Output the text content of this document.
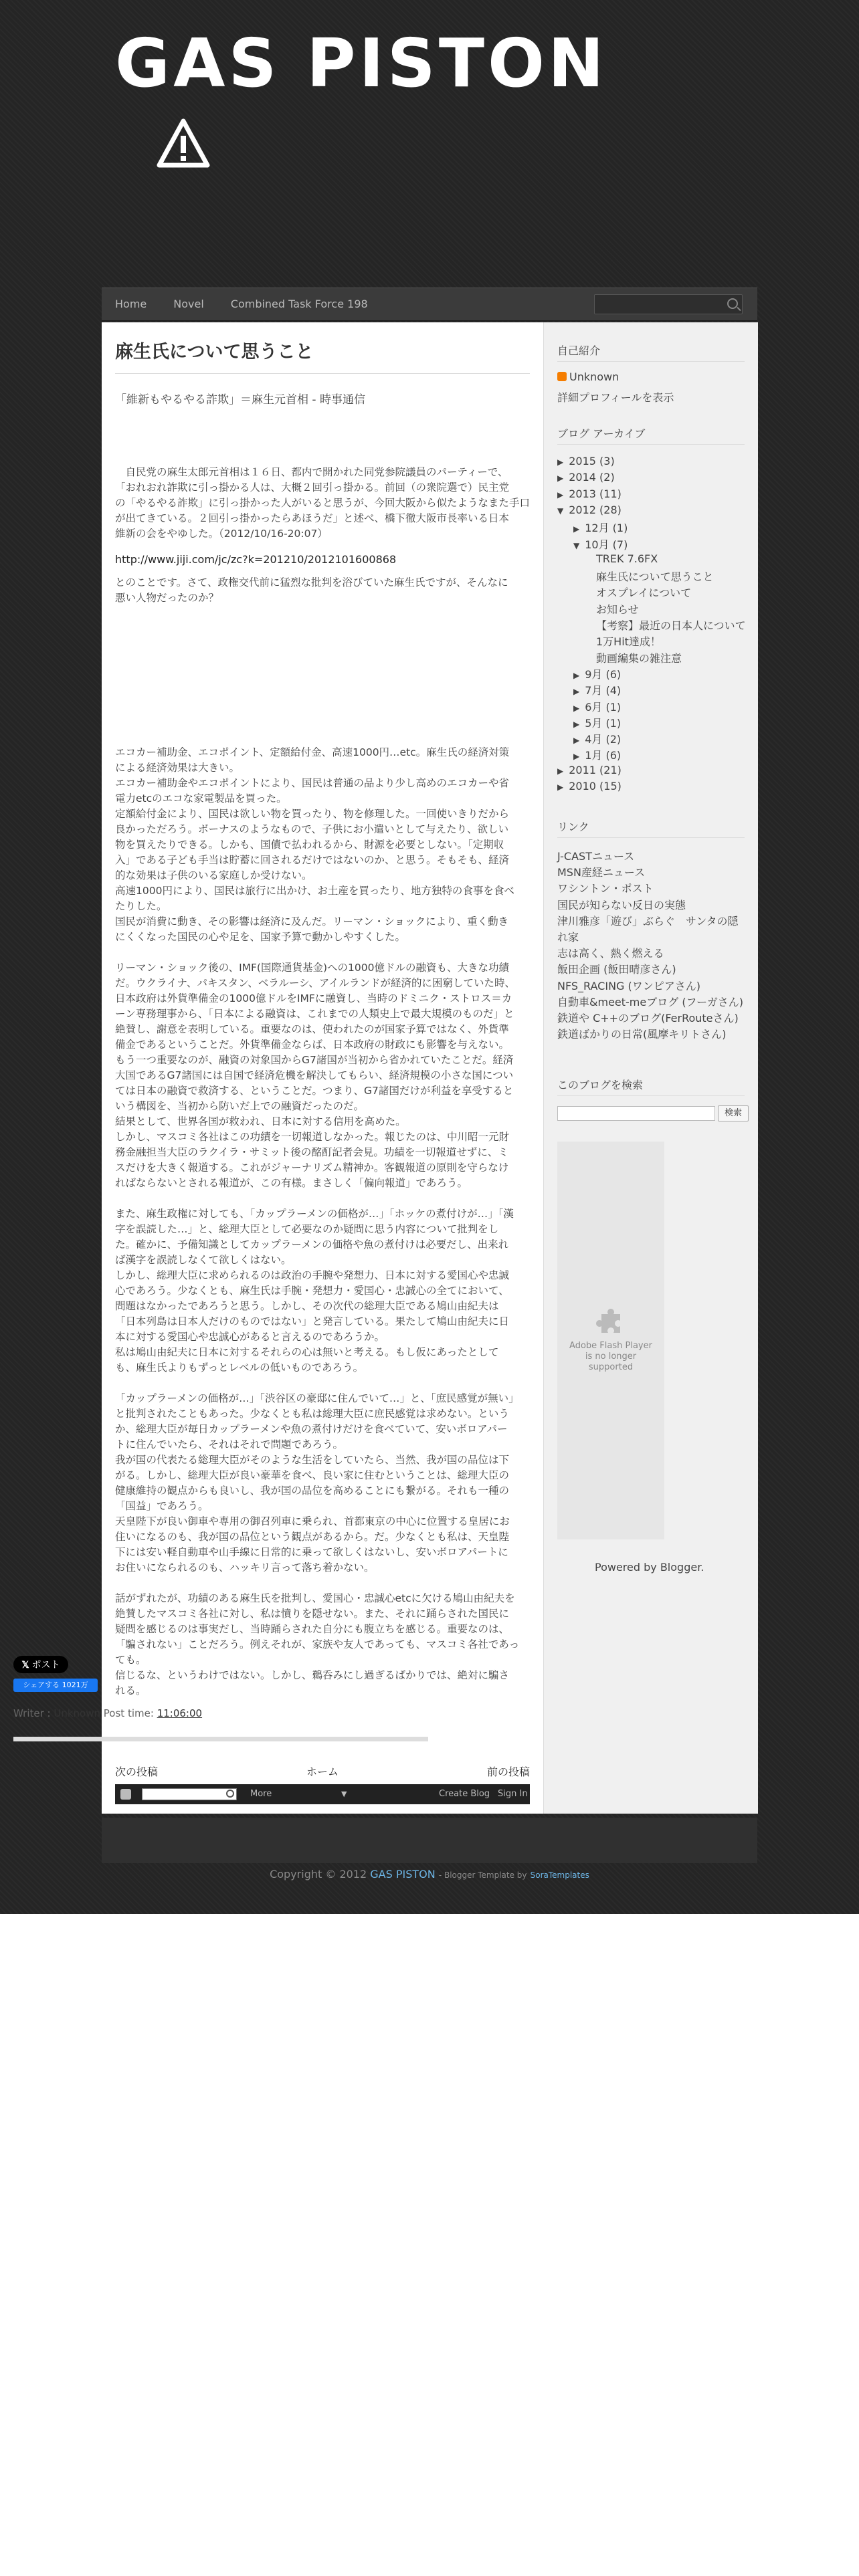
GAS PISTON
Home	Novel	Combined Task Force 198
麻生氏について思うこと
「維新もやるやる詐欺」＝麻生元首相 - 時事通信
　自民党の麻生太郎元首相は１６日、都内で開かれた同党参院議員のパーティーで、
「おれおれ詐欺に引っ掛かる人は、大概２回引っ掛かる。前回（の衆院選で）民主党
の「やるやる詐欺」に引っ掛かった人がいると思うが、今回大阪から似たようなまた手口
が出てきている。２回引っ掛かったらあほうだ」と述べ、橋下徹大阪市長率いる日本
維新の会をやゆした。（2012/10/16-20:07）
http://www.jiji.com/jc/zc?k=201210/2012101600868
とのことです。さて、政権交代前に猛烈な批判を浴びていた麻生氏ですが、そんなに
悪い人物だったのか？
エコカー補助金、エコポイント、定額給付金、高速1000円…etc。麻生氏の経済対策
による経済効果は大きい。
エコカー補助金やエコポイントにより、国民は普通の品より少し高めのエコカーや省
電力etcのエコな家電製品を買った。
定額給付金により、国民は欲しい物を買ったり、物を修理した。一回使いきりだから
良かっただろう。ボーナスのようなもので、子供にお小遣いとして与えたり、欲しい
物を買えたりできる。しかも、国債で払われるから、財源を必要としない。「定期収
入」である子ども手当は貯蓄に回されるだけではないのか、と思う。そもそも、経済
的な効果は子供のいる家庭しか受けない。
高速1000円により、国民は旅行に出かけ、お土産を買ったり、地方独特の食事を食べ
たりした。
国民が消費に動き、その影響は経済に及んだ。リーマン・ショックにより、重く動き
にくくなった国民の心や足を、国家予算で動かしやすくした。
リーマン・ショック後の、IMF(国際通貨基金)への1000億ドルの融資も、大きな功績
だ。ウクライナ、パキスタン、ベラルーシ、アイルランドが経済的に困窮していた時、
日本政府は外貨準備金の1000億ドルをIMFに融資し、当時のドミニク・ストロス＝カ
ーン専務理事から、「日本による融資は、これまでの人類史上で最大規模のものだ」と
絶賛し、謝意を表明している。重要なのは、使われたのが国家予算ではなく、外貨準
備金であるということだ。外貨準備金ならば、日本政府の財政にも影響を与えない。
もう一つ重要なのが、融資の対象国からG7諸国が当初から省かれていたことだ。経済
大国であるG7諸国には自国で経済危機を解決してもらい、経済規模の小さな国につい
ては日本の融資で救済する、ということだ。つまり、G7諸国だけが利益を享受すると
いう構図を、当初から防いだ上での融資だったのだ。
結果として、世界各国が救われ、日本に対する信用を高めた。
しかし、マスコミ各社はこの功績を一切報道しなかった。報じたのは、中川昭一元財
務金融担当大臣のラクイラ・サミット後の酩酊記者会見。功績を一切報道せずに、ミ
スだけを大きく報道する。これがジャーナリズム精神か。客観報道の原則を守らなけ
ればならないとされる報道が、この有様。まさしく「偏向報道」であろう。
また、麻生政権に対しても、「カップラーメンの価格が…」「ホッケの煮付けが…」「漢
字を誤読した…」と、総理大臣として必要なのか疑問に思う内容について批判をし
た。確かに、予備知識としてカップラーメンの価格や魚の煮付けは必要だし、出来れ
ば漢字を誤読しなくて欲しくはない。
しかし、総理大臣に求められるのは政治の手腕や発想力、日本に対する愛国心や忠誠
心であろう。少なくとも、麻生氏は手腕・発想力・愛国心・忠誠心の全てにおいて、
問題はなかったであろうと思う。しかし、その次代の総理大臣である鳩山由紀夫は
「日本列島は日本人だけのものではない」と発言している。果たして鳩山由紀夫に日
本に対する愛国心や忠誠心があると言えるのであろうか。
私は鳩山由紀夫に日本に対するそれらの心は無いと考える。もし仮にあったとして
も、麻生氏よりもずっとレベルの低いものであろう。
「カップラーメンの価格が…」「渋谷区の豪邸に住んでいて…」と、「庶民感覚が無い」
と批判されたこともあった。少なくとも私は総理大臣に庶民感覚は求めない。という
か、総理大臣が毎日カップラーメンや魚の煮付けだけを食べていて、安いボロアパー
トに住んでいたら、それはそれで問題であろう。
我が国の代表たる総理大臣がそのような生活をしていたら、当然、我が国の品位は下
がる。しかし、総理大臣が良い豪華を食べ、良い家に住むということは、総理大臣の
健康維持の観点からも良いし、我が国の品位を高めることにも繋がる。それも一種の
「国益」であろう。
天皇陛下が良い御車や専用の御召列車に乗られ、首都東京の中心に位置する皇居にお
住いになるのも、我が国の品位という観点があるから。だ。少なくとも私は、天皇陛
下には安い軽自動車や山手線に日常的に乗って欲しくはないし、安いボロアパートに
お住いになられるのも、ハッキリ言って落ち着かない。
話がずれたが、功績のある麻生氏を批判し、愛国心・忠誠心etcに欠ける鳩山由紀夫を
絶賛したマスコミ各社に対し、私は憤りを隠せない。また、それに踊らされた国民に
疑問を感じるのは事実だし、当時踊らされた自分にも腹立ちを感じる。重要なのは、
「騙されない」ことだろう。例えそれが、家族や友人であっても、マスコミ各社であっ
ても。
信じるな、というわけではない。しかし、鵜呑みにし過ぎるばかりでは、絶対に騙さ
れる。
自己紹介
Unknown
詳細プロフィールを表示
ブログ アーカイブ
▶ 2015 (3)
▶ 2014 (2)
▶ 2013 (11)
▼ 2012 (28)
▶ 12月 (1)
▼ 10月 (7)
TREK 7.6FX
麻生氏について思うこと
オスプレイについて
お知らせ
【考察】最近の日本人について
1万Hit達成！
動画編集の雑注意
▶ 9月 (6)
▶ 7月 (4)
▶ 6月 (1)
▶ 5月 (1)
▶ 4月 (2)
▶ 1月 (6)
▶ 2011 (21)
▶ 2010 (15)
リンク
J-CASTニュース
MSN産経ニュース
ワシントン・ポスト
国民が知らない反日の実態
津川雅彦「遊び」ぶらぐ　サンタの隠
れ家
志は高く、熱く燃える
飯田企画 (飯田晴彦さん)
NFS_RACING (ワンピアさん)
自動車&meet-meブログ (フーガさん)
鉄道や C++のブログ(FerRouteさん)
鉄道ばかりの日常(風摩キリトさん)
このブログを検索
検索
Adobe Flash Player is no longer supported
Powered by Blogger.
𝕏 ポスト
シェアする 1021万
Writer : Unknown Post time: 11:06:00
次の投稿	ホーム	前の投稿
More	▼	Create Blog Sign In
Copyright © 2012 GAS PISTON - Blogger Template by SoraTemplates
